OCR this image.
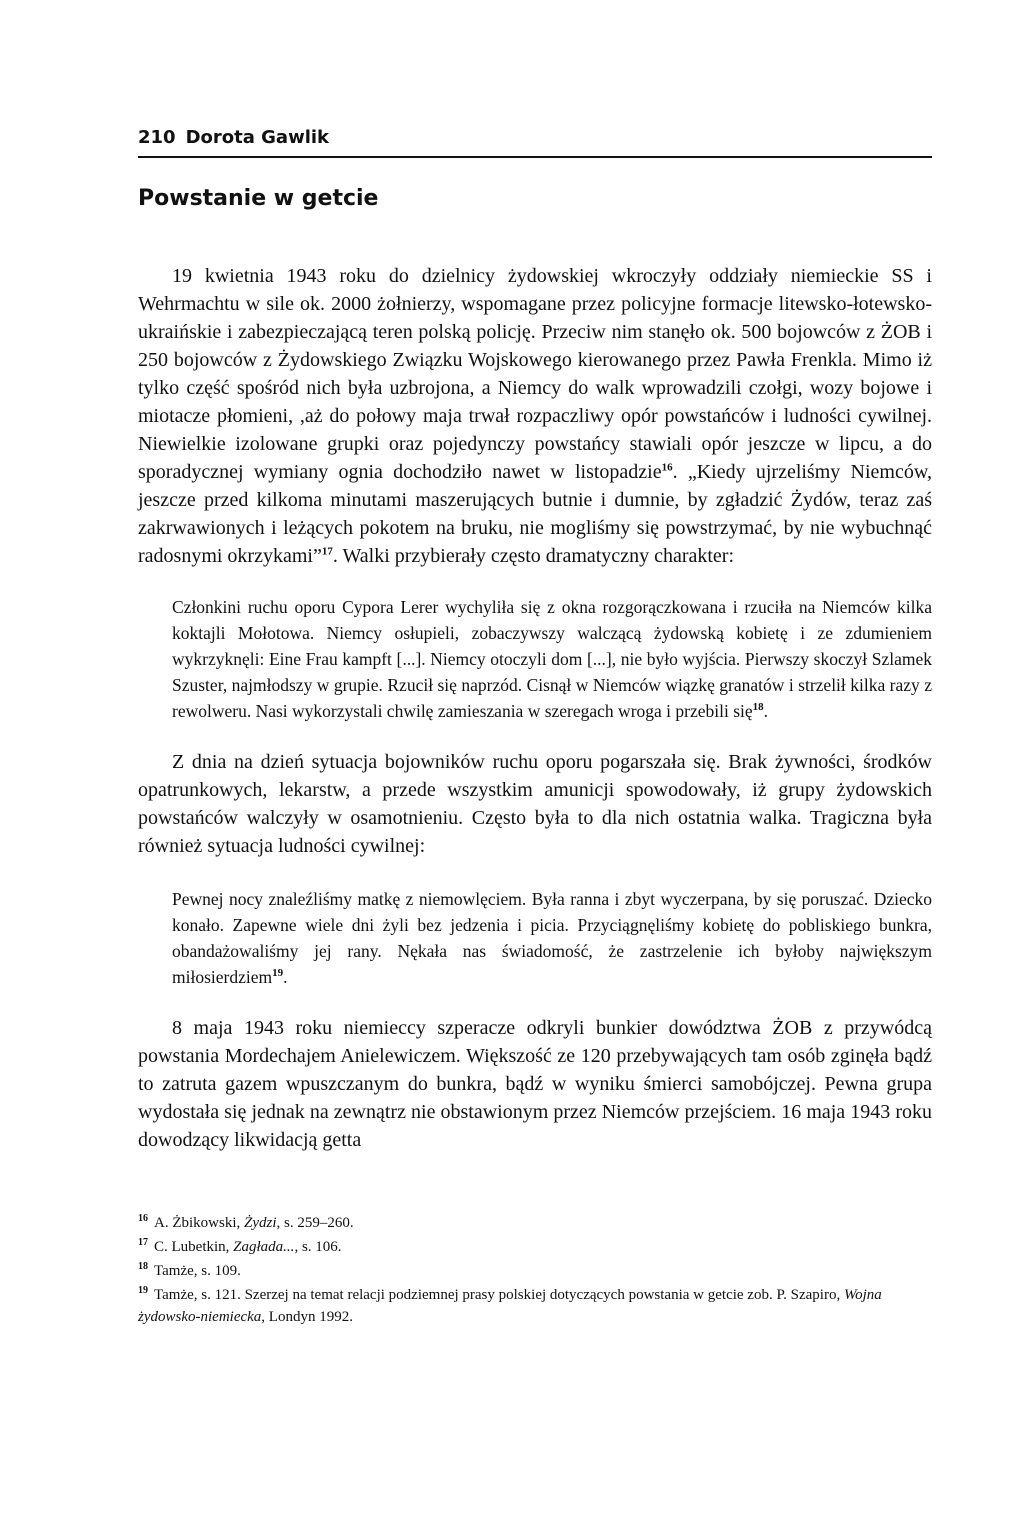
210 Dorota Gawlik
Powstanie w getcie

19 kwietnia 1943 roku do dzielnicy żydowskiej wkroczyły oddziały niemieckie SS i Wehrmachtu w sile ok. 2000 żołnierzy, wspomagane przez policyjne formacje litewsko-łotewsko-ukraińskie i zabezpieczającą teren polską policję. Przeciw nim stanęło ok. 500 bojowców z ŻOB i 250 bojowców z Żydowskiego Związku Wojskowego kierowanego przez Pawła Frenkla. Mimo iż tylko część spośród nich była uzbrojona, a Niemcy do walk wprowadzili czołgi, wozy bojowe i miotacze płomieni, ,aż do połowy maja trwał rozpaczliwy opór powstańców i ludności cywilnej. Niewielkie izolowane grupki oraz pojedynczy powstańcy stawiali opór jeszcze w lipcu, a do sporadycznej wymiany ognia dochodziło nawet w listopadzie$^{16}$. „Kiedy ujrzeliśmy Niemców, jeszcze przed kilkoma minutami maszerujących butnie i dumnie, by zgładzić Żydów, teraz zaś zakrwawionych i leżących pokotem na bruku, nie mogliśmy się powstrzymać, by nie wybuchnąć radosnymi okrzykami”$^{17}$. Walki przybierały często dramatyczny charakter:

Członkini ruchu oporu Cypora Lerer wychyliła się z okna rozgorączkowana i rzuciła na Niemców kilka koktajli Mołotowa. Niemcy osłupieli, zobaczywszy walczącą żydowską kobietę i ze zdumieniem wykrzyknęli: Eine Frau kampft [...]. Niemcy otoczyli dom [...], nie było wyjścia. Pierwszy skoczył Szlamek Szuster, najmłodszy w grupie. Rzucił się naprzód. Cisnął w Niemców wiązkę granatów i strzelił kilka razy z rewolweru. Nasi wykorzystali chwilę zamieszania w szeregach wroga i przebili się$^{18}$.

Z dnia na dzień sytuacja bojowników ruchu oporu pogarszała się. Brak żywności, środków opatrunkowych, lekarstw, a przede wszystkim amunicji spowodowały, iż grupy żydowskich powstańców walczyły w osamotnieniu. Często była to dla nich ostatnia walka. Tragiczna była również sytuacja ludności cywilnej:

Pewnej nocy znaleźliśmy matkę z niemowlęciem. Była ranna i zbyt wyczerpana, by się poruszać. Dziecko konało. Zapewne wiele dni żyli bez jedzenia i picia. Przyciągnęliśmy kobietę do pobliskiego bunkra, obandażowaliśmy jej rany. Nękała nas świadomość, że zastrzelenie ich byłoby największym miłosierdziem$^{19}$.

8 maja 1943 roku niemieccy szperacze odkryli bunkier dowództwa ŻOB z przywódcą powstania Mordechajem Anielewiczem. Większość ze 120 przebywających tam osób zginęła bądź to zatruta gazem wpuszczanym do bunkra, bądź w wyniku śmierci samobójczej. Pewna grupa wydostała się jednak na zewnątrz nie obstawionym przez Niemców przejściem. 16 maja 1943 roku dowodzący likwidacją getta

$^{16}$ A. Żbikowski, Żydzi, s. 259–260.

$^{17}$ C. Lubetkin, Zagłada..., s. 106.

$^{18}$ Tamże, s. 109.

$^{19}$ Tamże, s. 121. Szerzej na temat relacji podziemnej prasy polskiej dotyczących powstania w getcie zob. P. Szapiro, Wojna żydowsko-niemiecka, Londyn 1992.
